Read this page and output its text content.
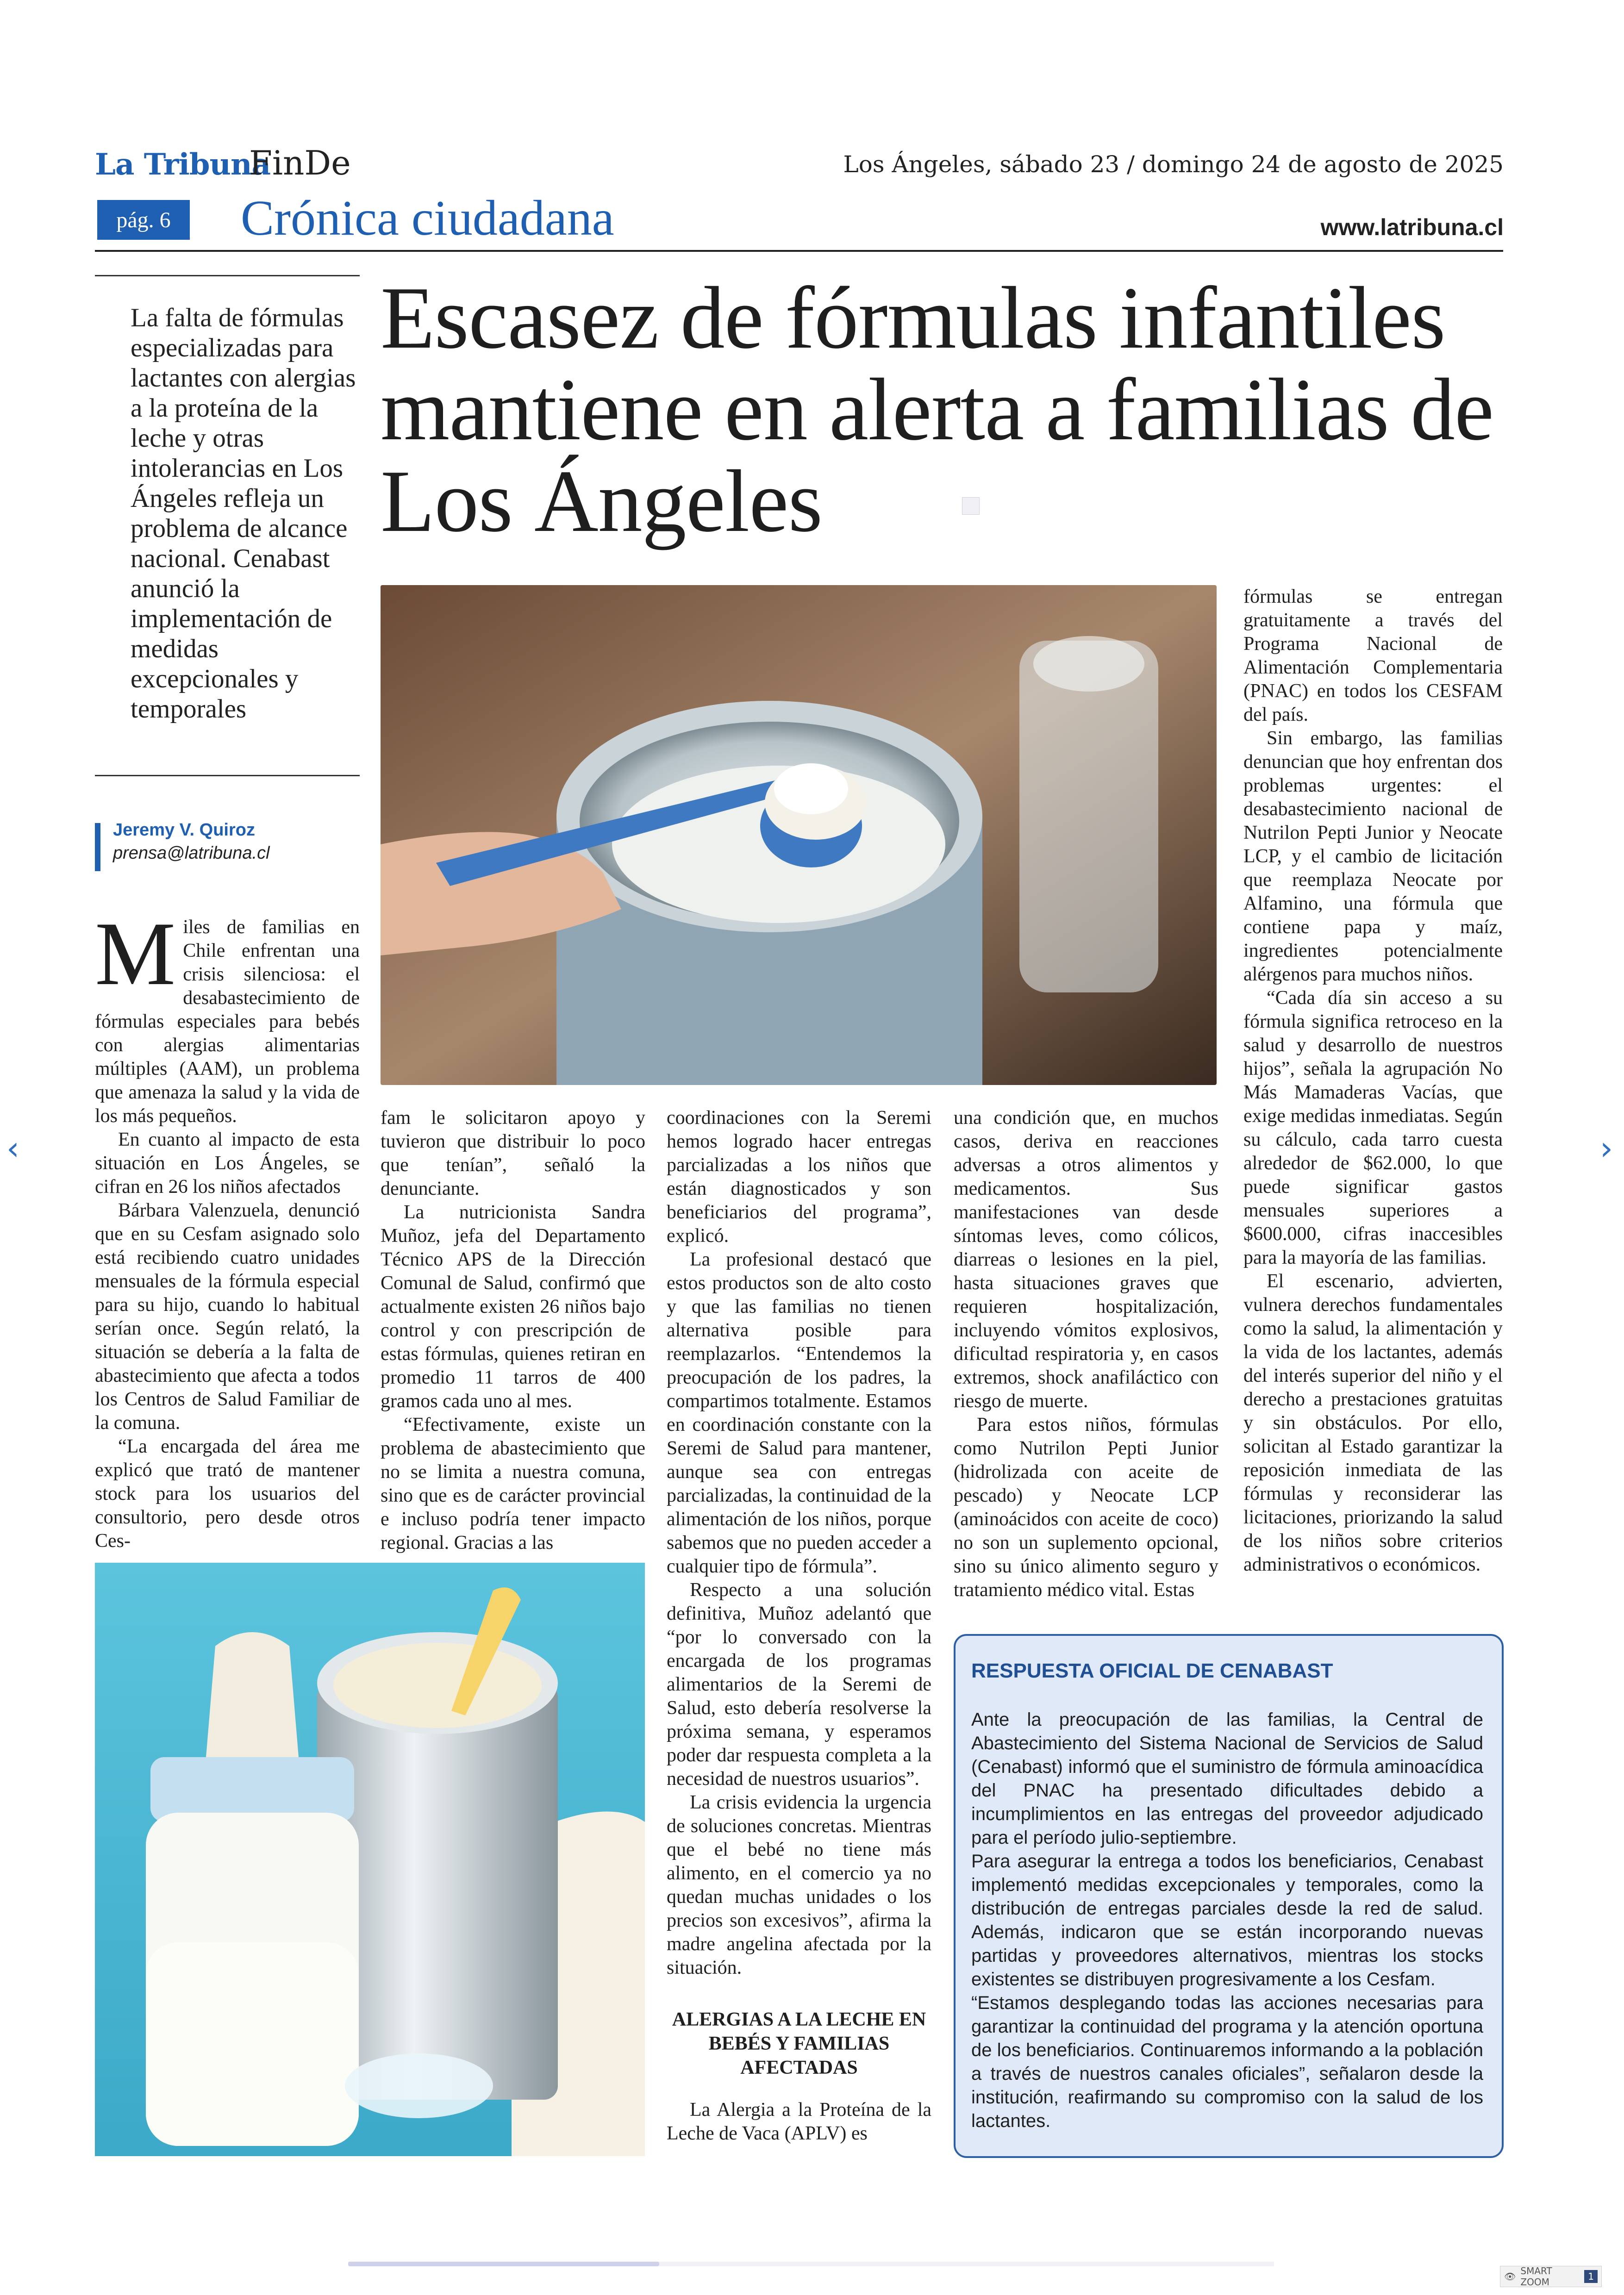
La Tribuna
FinDe	Los Ángeles, sábado 23 / domingo 24 de agosto de 2025
pág. 6	Crónica ciudadana	www.latribuna.cl
La falta de fórmulas especializadas para lactantes con alergias a la proteína de la leche y otras intolerancias en Los Ángeles refleja un problema de alcance nacional. Cenabast anunció la implementación de medidas excepcionales y temporales
Jeremy V. Quiroz
prensa@latribuna.cl
Escasez de fórmulas infantiles mantiene en alerta a familias de Los Ángeles

Miles de familias en Chile enfrentan una crisis silenciosa: el desabastecimiento de fórmulas especiales para bebés con alergias alimentarias múltiples (AAM), un problema que amenaza la salud y la vida de los más pequeños.

En cuanto al impacto de esta situación en Los Ángeles, se cifran en 26 los niños afectados

Bárbara Valenzuela, denunció que en su Cesfam asignado solo está recibiendo cuatro unidades mensuales de la fórmula especial para su hijo, cuando lo habitual serían once. Según relató, la situación se debería a la falta de abastecimiento que afecta a todos los Centros de Salud Familiar de la comuna.

“La encargada del área me explicó que trató de mantener stock para los usuarios del consultorio, pero desde otros Ces-

fam le solicitaron apoyo y tuvieron que distribuir lo poco que tenían”, señaló la denunciante.

La nutricionista Sandra Muñoz, jefa del Departamento Técnico APS de la Dirección Comunal de Salud, confirmó que actualmente existen 26 niños bajo control y con prescripción de estas fórmulas, quienes retiran en promedio 11 tarros de 400 gramos cada uno al mes.

“Efectivamente, existe un problema de abastecimiento que no se limita a nuestra comuna, sino que es de carácter provincial e incluso podría tener impacto regional. Gracias a las

coordinaciones con la Seremi hemos logrado hacer entregas parcializadas a los niños que están diagnosticados y son beneficiarios del programa”, explicó.

La profesional destacó que estos productos son de alto costo y que las familias no tienen alternativa posible para reemplazarlos. “Entendemos la preocupación de los padres, la compartimos totalmente. Estamos en coordinación constante con la Seremi de Salud para mantener, aunque sea con entregas parcializadas, la continuidad de la alimentación de los niños, porque sabemos que no pueden acceder a cualquier tipo de fórmula”.

Respecto a una solución definitiva, Muñoz adelantó que “por lo conversado con la encargada de los programas alimentarios de la Seremi de Salud, esto debería resolverse la próxima semana, y esperamos poder dar respuesta completa a la necesidad de nuestros usuarios”.

La crisis evidencia la urgencia de soluciones concretas. Mientras que el bebé no tiene más alimento, en el comercio ya no quedan muchas unidades o los precios son excesivos”, afirma la madre angelina afectada por la situación.

ALERGIAS A LA LECHE EN BEBÉS Y FAMILIAS AFECTADAS

La Alergia a la Proteína de la Leche de Vaca (APLV) es

una condición que, en muchos casos, deriva en reacciones adversas a otros alimentos y medicamentos. Sus manifestaciones van desde síntomas leves, como cólicos, diarreas o lesiones en la piel, hasta situaciones graves que requieren hospitalización, incluyendo vómitos explosivos, dificultad respiratoria y, en casos extremos, shock anafiláctico con riesgo de muerte.

Para estos niños, fórmulas como Nutrilon Pepti Junior (hidrolizada con aceite de pescado) y Neocate LCP (aminoácidos con aceite de coco) no son un suplemento opcional, sino su único alimento seguro y tratamiento médico vital. Estas

fórmulas se entregan gratuitamente a través del Programa Nacional de Alimentación Complementaria (PNAC) en todos los CESFAM del país.

Sin embargo, las familias denuncian que hoy enfrentan dos problemas urgentes: el desabastecimiento nacional de Nutrilon Pepti Junior y Neocate LCP, y el cambio de licitación que reemplaza Neocate por Alfamino, una fórmula que contiene papa y maíz, ingredientes potencialmente alérgenos para muchos niños.

“Cada día sin acceso a su fórmula significa retroceso en la salud y desarrollo de nuestros hijos”, señala la agrupación No Más Mamaderas Vacías, que exige medidas inmediatas. Según su cálculo, cada tarro cuesta alrededor de $62.000, lo que puede significar gastos mensuales superiores a $600.000, cifras inaccesibles para la mayoría de las familias.

El escenario, advierten, vulnera derechos fundamentales como la salud, la alimentación y la vida de los lactantes, además del interés superior del niño y el derecho a prestaciones gratuitas y sin obstáculos. Por ello, solicitan al Estado garantizar la reposición inmediata de las fórmulas y reconsiderar las licitaciones, priorizando la salud de los niños sobre criterios administrativos o económicos.

RESPUESTA OFICIAL DE CENABAST

Ante la preocupación de las familias, la Central de Abastecimiento del Sistema Nacional de Servicios de Salud (Cenabast) informó que el suministro de fórmula aminoacídica del PNAC ha presentado dificultades debido a incumplimientos en las entregas del proveedor adjudicado para el período julio-septiembre.

Para asegurar la entrega a todos los beneficiarios, Cenabast implementó medidas excepcionales y temporales, como la distribución de entregas parciales desde la red de salud. Además, indicaron que se están incorporando nuevas partidas y proveedores alternativos, mientras los stocks existentes se distribuyen progresivamente a los Cesfam.

“Estamos desplegando todas las acciones necesarias para garantizar la continuidad del programa y la atención oportuna de los beneficiarios. Continuaremos informando a la población a través de nuestros canales oficiales”, señalaron desde la institución, reafirmando su compromiso con la salud de los lactantes.

‹	›
👁 SMART ZOOM	1
